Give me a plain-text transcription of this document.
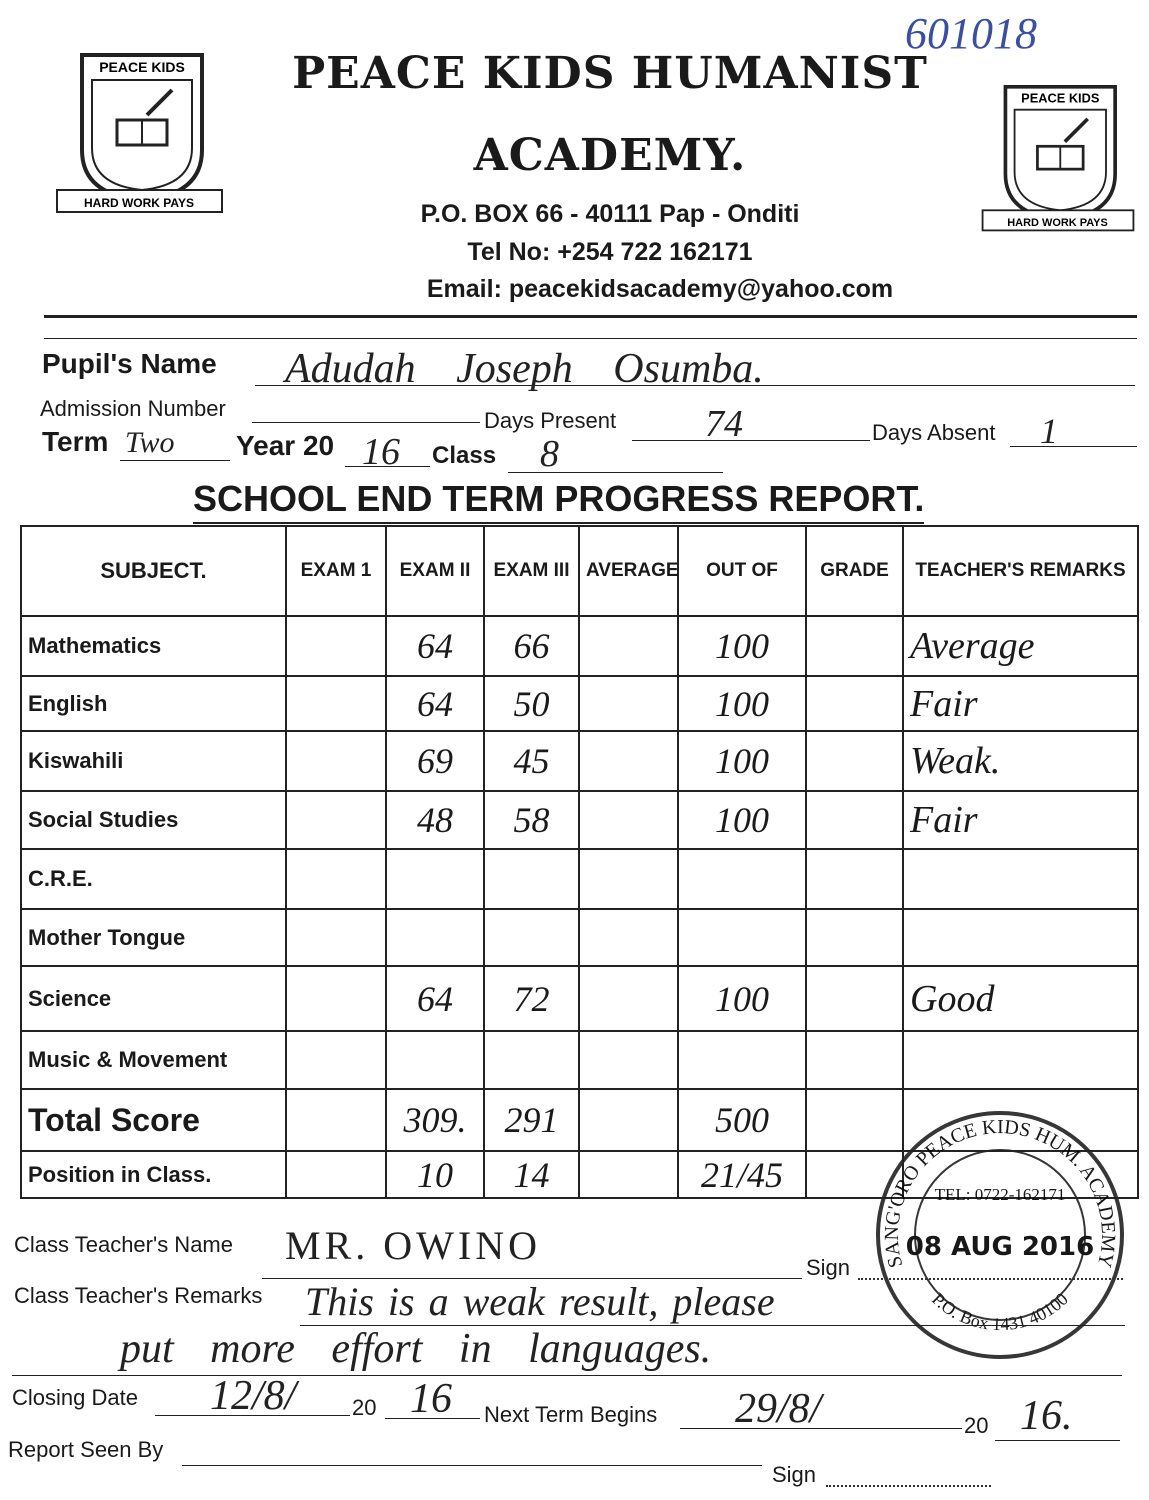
601018
PEACE KIDS
HARD WORK PAYS
PEACE KIDS
HARD WORK PAYS
PEACE KIDS HUMANIST
ACADEMY.
P.O. BOX 66 - 40111 Pap - Onditi
Tel No: +254 722 162171
Email: peacekidsacademy@yahoo.com
Pupil's Name Adudah Joseph Osumba.
Admission Number	Days Present 74	Days Absent 1
Term Two Year 20 16 Class 8
SCHOOL END TERM PROGRESS REPORT.
SUBJECT.	EXAM 1	EXAM II	EXAM III	AVERAGE	OUT OF	GRADE	TEACHER'S REMARKS
Mathematics		64	66		100		Average
English		64	50		100		Fair
Kiswahili		69	45		100		Weak.
Social Studies		48	58		100		Fair
C.R.E.							
Mother Tongue							
Science		64	72		100		Good
Music & Movement							
Total Score		309.	291		500		
Position in Class.		10	14		21/45		
SANG'ORO PEACE KIDS HUM. ACADEMY
P.O. Box 1431 40100
TEL: 0722-162171
08 AUG 2016
Class Teacher's Name MR. OWINO	Sign
Class Teacher's Remarks This is a weak result, please
put more effort in languages.
Closing Date 12/8/	20 16 Next Term Begins 29/8/	20 16.
Report Seen By
Sign
